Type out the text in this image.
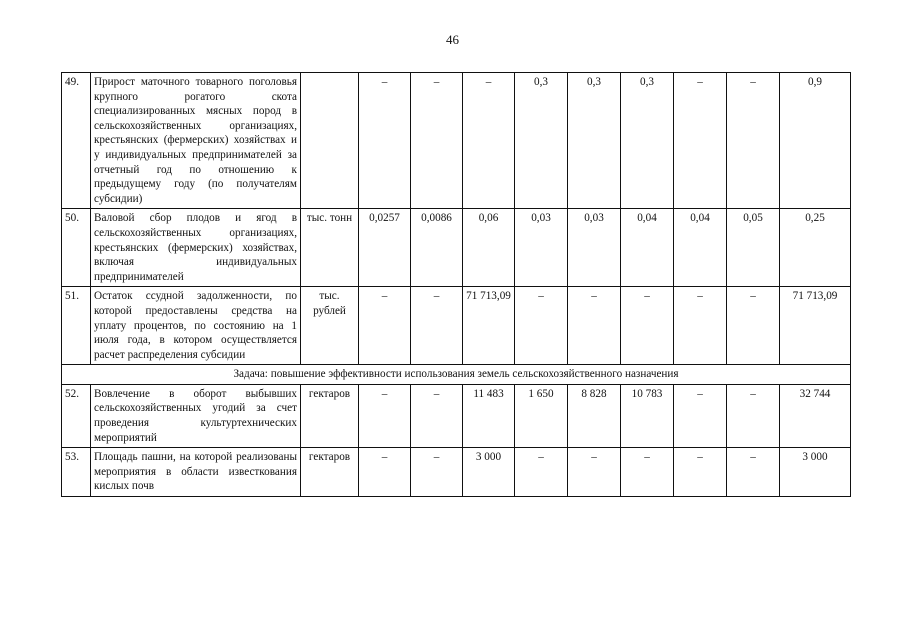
46
49.	Прирост маточного товарного поголовья крупного рогатого скота специализированных мясных пород в сельскохозяйственных организациях, крестьянских (фермерских) хозяйствах и у индивидуальных предпринимателей за отчетный год по отношению к предыдущему году (по получателям субсидии)		–	–	–	0,3	0,3	0,3	–	–	0,9
50.	Валовой сбор плодов и ягод в сельскохозяйственных организациях, крестьянских (фермерских) хозяйствах, включая индивидуальных предпринимателей	тыс. тонн	0,0257	0,0086	0,06	0,03	0,03	0,04	0,04	0,05	0,25
51.	Остаток ссудной задолженности, по которой предоставлены средства на уплату процентов, по состоянию на 1 июля года, в котором осуществляется расчет распределения субсидии	тыс. рублей	–	–	71 713,09	–	–	–	–	–	71 713,09
Задача: повышение эффективности использования земель сельскохозяйственного назначения											
52.	Вовлечение в оборот выбывших сельскохозяйственных угодий за счет проведения культуртехнических мероприятий	гектаров	–	–	11 483	1 650	8 828	10 783	–	–	32 744
53.	Площадь пашни, на которой реализованы мероприятия в области известкования кислых почв	гектаров	–	–	3 000	–	–	–	–	–	3 000
